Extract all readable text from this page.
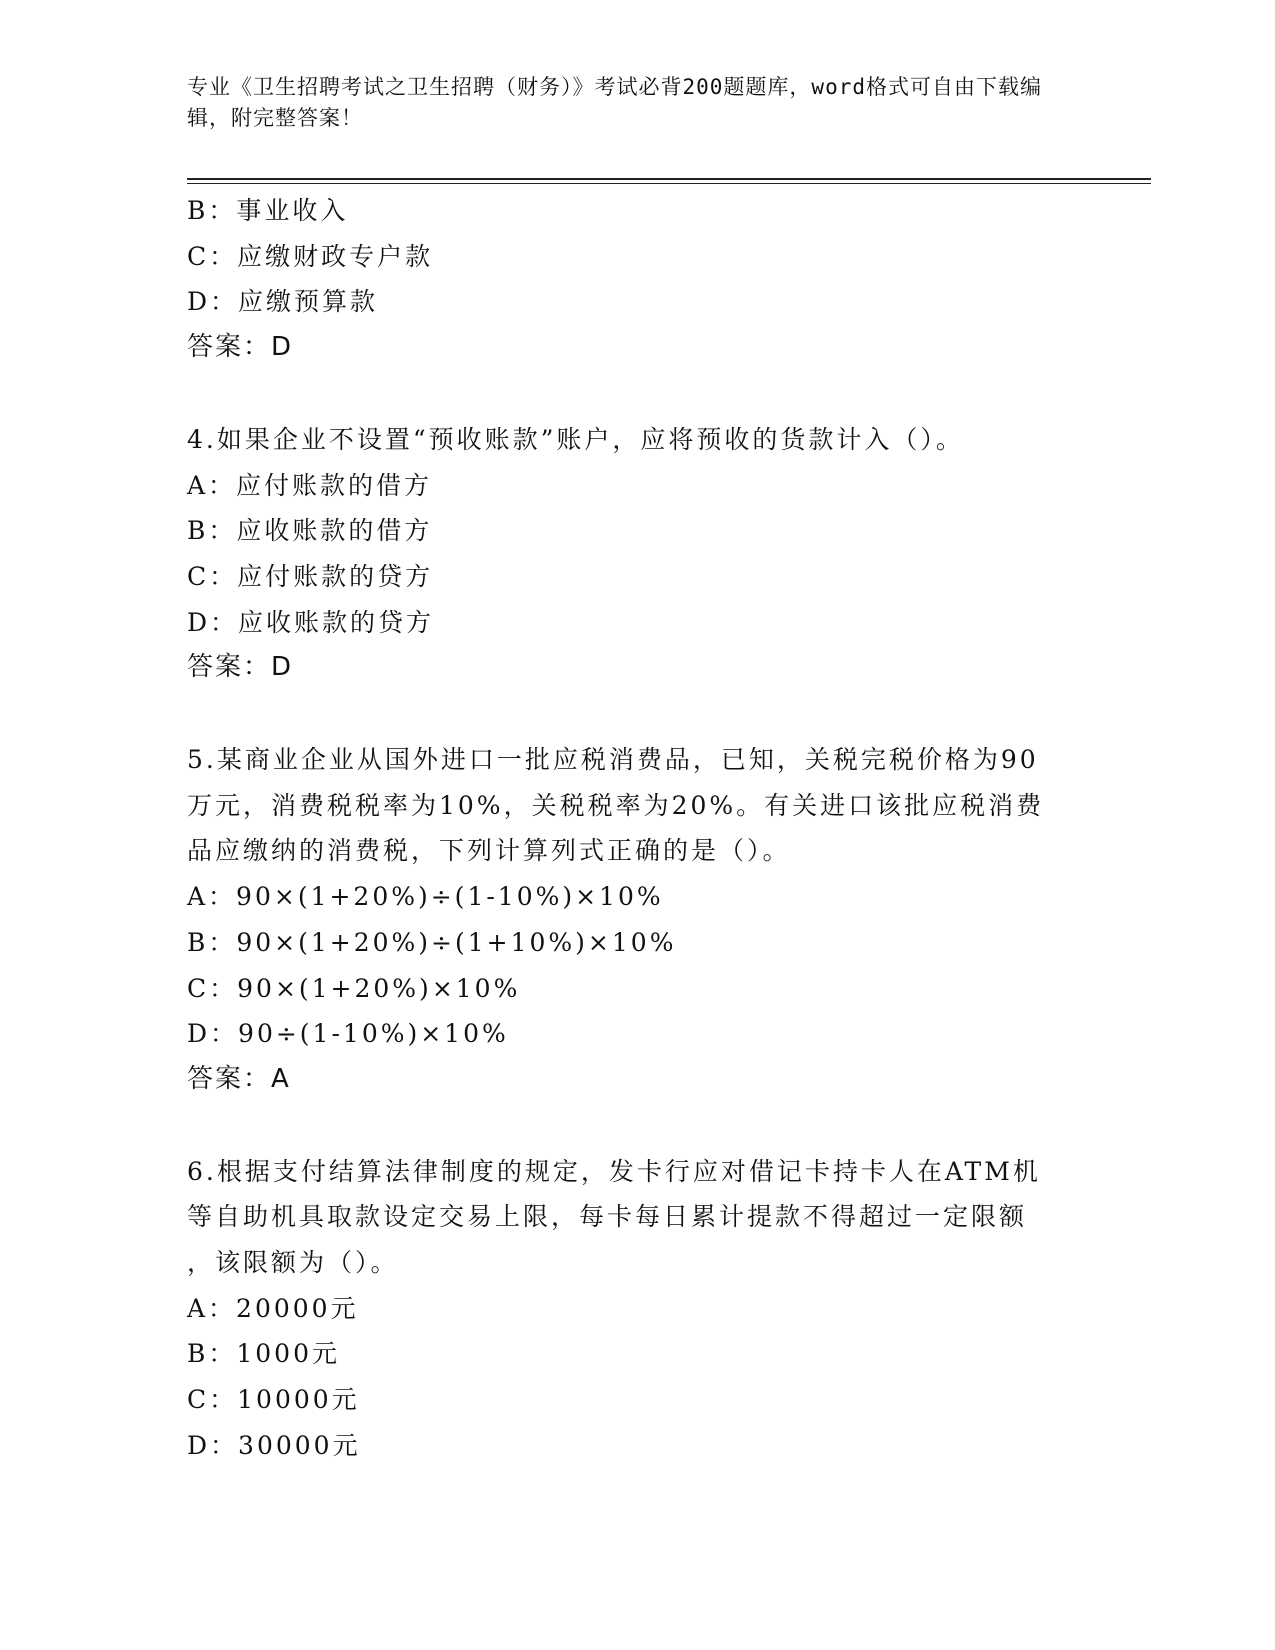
专业《卫生招聘考试之卫生招聘（财务）》考试必背200题题库，word格式可自由下载编辑，附完整答案！
B：事业收入
C：应缴财政专户款
D：应缴预算款
答案：D
4.如果企业不设置“预收账款”账户，应将预收的货款计入（）。
A：应付账款的借方
B：应收账款的借方
C：应付账款的贷方
D：应收账款的贷方
答案：D
5.某商业企业从国外进口一批应税消费品，已知，关税完税价格为90
万元，消费税税率为10%，关税税率为20%。有关进口该批应税消费
品应缴纳的消费税，下列计算列式正确的是（）。
A：90×(1+20%)÷(1-10%)×10%
B：90×(1+20%)÷(1+10%)×10%
C：90×(1+20%)×10%
D：90÷(1-10%)×10%
答案：A
6.根据支付结算法律制度的规定，发卡行应对借记卡持卡人在ATM机
等自助机具取款设定交易上限，每卡每日累计提款不得超过一定限额
，该限额为（）。
A：20000元
B：1000元
C：10000元
D：30000元
